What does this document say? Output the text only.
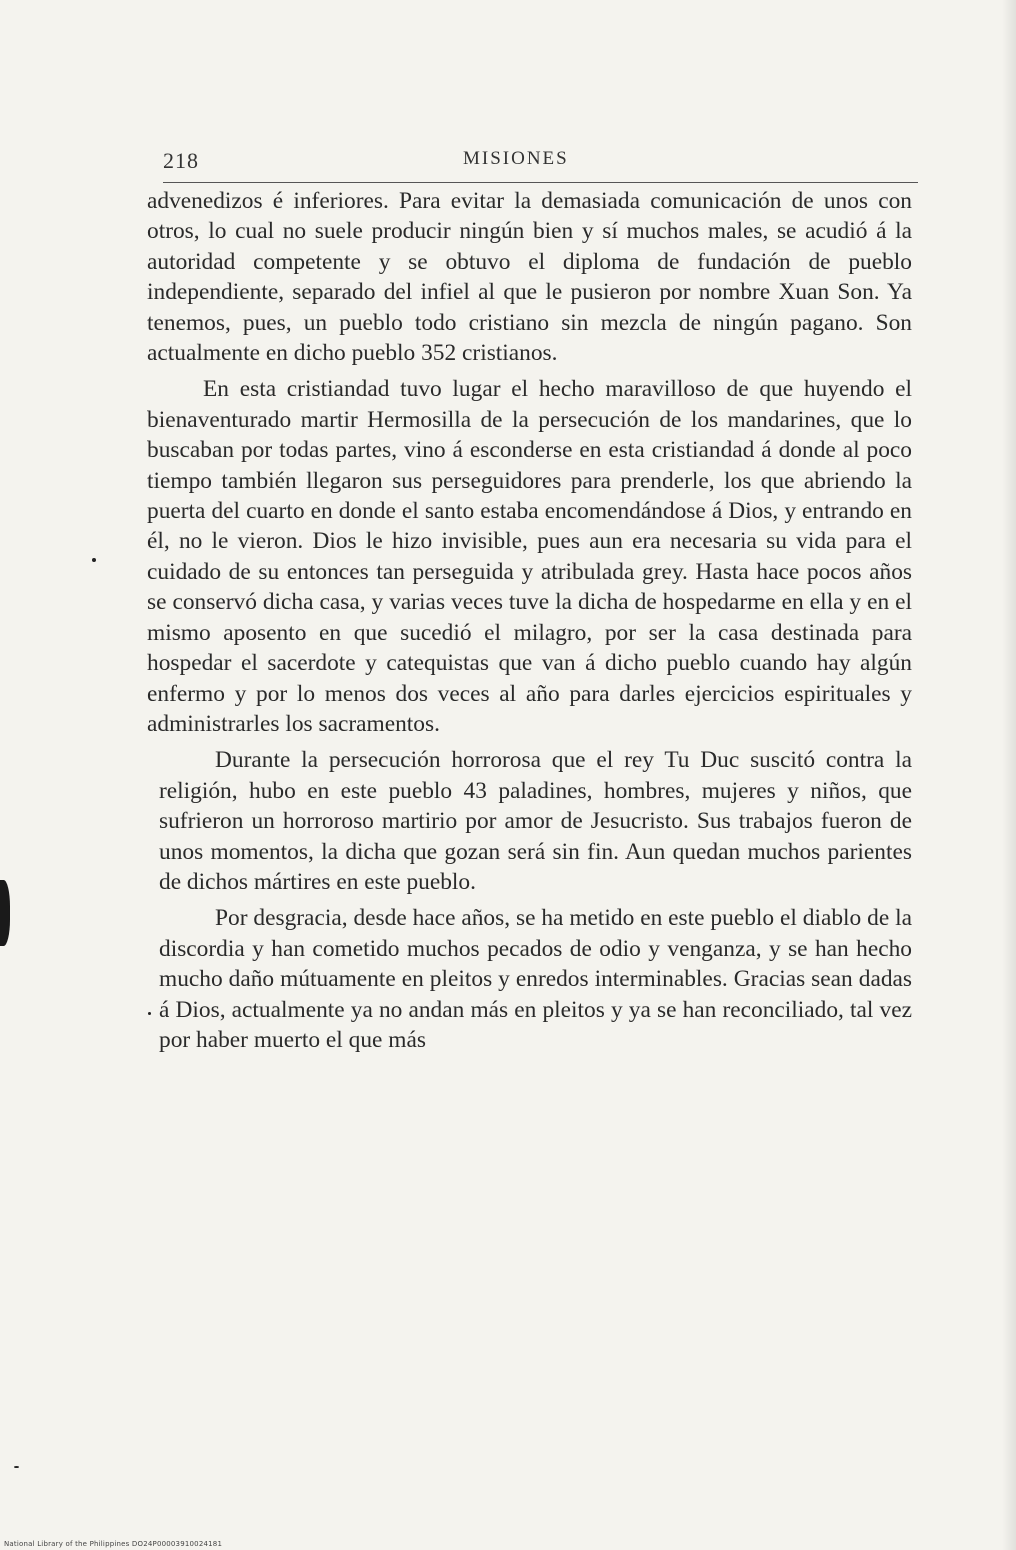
218	MISIONES

advenedizos é inferiores. Para evitar la demasiada comunicación de unos con otros, lo cual no suele producir ningún bien y sí muchos males, se acudió á la autoridad competente y se obtuvo el diploma de fundación de pueblo independiente, separado del infiel al que le pusieron por nombre Xuan Son. Ya tenemos, pues, un pueblo todo cristiano sin mezcla de ningún pagano. Son actualmente en dicho pueblo 352 cristianos.

En esta cristiandad tuvo lugar el hecho maravilloso de que huyendo el bienaventurado martir Hermosilla de la persecución de los mandarines, que lo buscaban por todas partes, vino á esconderse en esta cristiandad á donde al poco tiempo también llegaron sus perseguidores para prenderle, los que abriendo la puerta del cuarto en donde el santo estaba encomendándose á Dios, y entrando en él, no le vieron. Dios le hizo invisible, pues aun era necesaria su vida para el cuidado de su entonces tan perseguida y atribulada grey. Hasta hace pocos años se conservó dicha casa, y varias veces tuve la dicha de hospedarme en ella y en el mismo aposento en que sucedió el milagro, por ser la casa destinada para hospedar el sacerdote y catequistas que van á dicho pueblo cuando hay algún enfermo y por lo menos dos veces al año para darles ejercicios espirituales y administrarles los sacramentos.

Durante la persecución horrorosa que el rey Tu Duc suscitó contra la religión, hubo en este pueblo 43 paladines, hombres, mujeres y niños, que sufrieron un horroroso martirio por amor de Jesucristo. Sus trabajos fueron de unos momentos, la dicha que gozan será sin fin. Aun quedan muchos parientes de dichos mártires en este pueblo.

Por desgracia, desde hace años, se ha metido en este pueblo el diablo de la discordia y han cometido muchos pecados de odio y venganza, y se han hecho mucho daño mútuamente en pleitos y enredos interminables. Gracias sean dadas á Dios, actualmente ya no andan más en pleitos y ya se han reconciliado, tal vez por haber muerto el que más

National Library of the Philippines DO24P00003910024181
